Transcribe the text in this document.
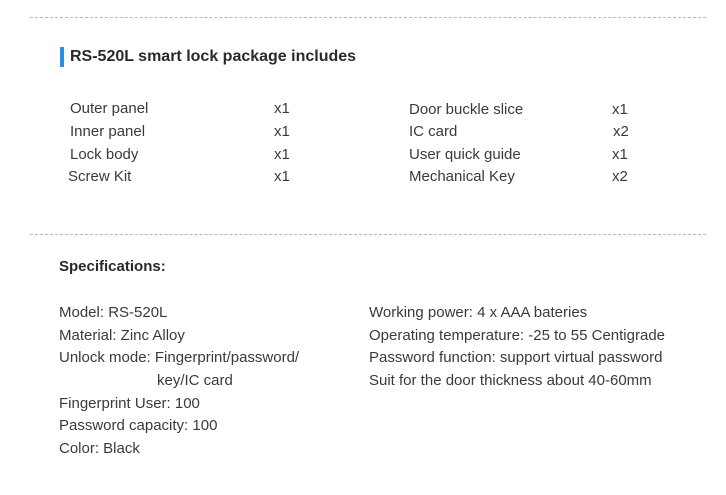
RS-520L smart lock package includes
Outer panel	x1
Inner panel	x1
Lock body	x1
Screw Kit	x1
Door buckle slice	x1
IC card	x2
User quick guide	x1
Mechanical Key	x2
Specifications:
Model: RS-520L
Material: Zinc Alloy
Unlock mode: Fingerprint/password/
key/IC card
Fingerprint User: 100
Password capacity: 100
Color: Black
Working power: 4 x AAA bateries
Operating temperature: -25 to 55 Centigrade
Password function: support virtual password
Suit for the door thickness about 40-60mm
